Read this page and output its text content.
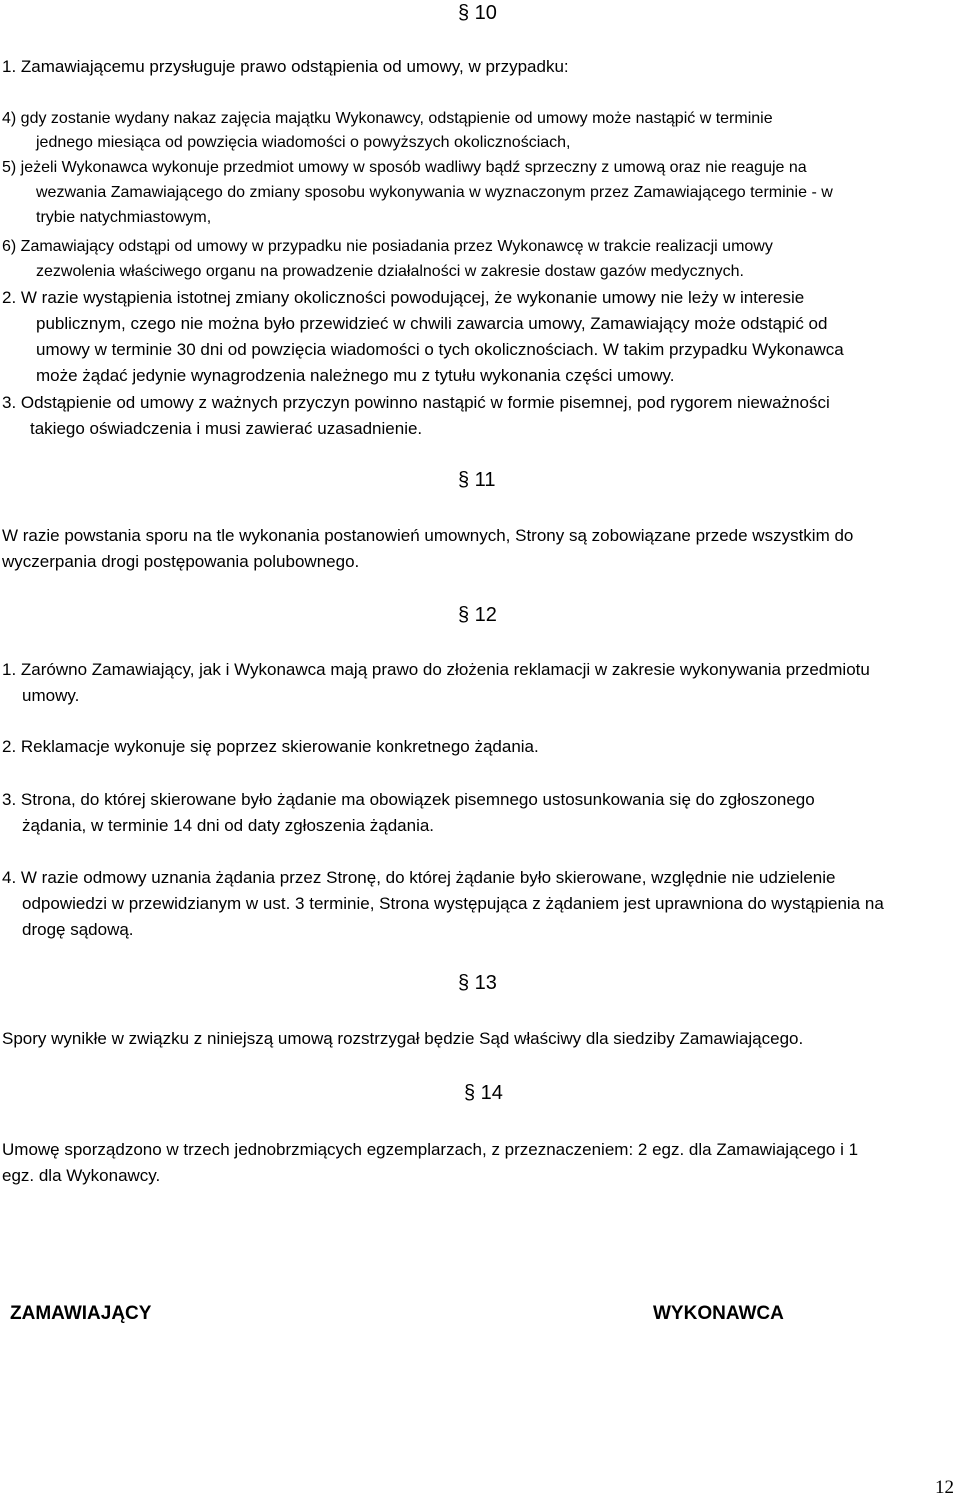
§ 10
1. Zamawiającemu przysługuje prawo odstąpienia od umowy, w przypadku:
4) gdy zostanie wydany nakaz zajęcia majątku Wykonawcy, odstąpienie od umowy może nastąpić w terminie
jednego miesiąca od powzięcia wiadomości o powyższych okolicznościach,
5) jeżeli Wykonawca wykonuje przedmiot umowy w sposób wadliwy bądź sprzeczny z umową oraz nie reaguje na
wezwania Zamawiającego do zmiany sposobu wykonywania w wyznaczonym przez Zamawiającego terminie - w
trybie natychmiastowym,
6) Zamawiający odstąpi od umowy w przypadku nie posiadania przez Wykonawcę w trakcie realizacji umowy
zezwolenia właściwego organu na prowadzenie działalności w zakresie dostaw gazów medycznych.
2. W razie wystąpienia istotnej zmiany okoliczności powodującej, że wykonanie umowy nie leży w interesie
publicznym, czego nie można było przewidzieć w chwili zawarcia umowy, Zamawiający może odstąpić od
umowy w terminie 30 dni od powzięcia wiadomości o tych okolicznościach. W takim przypadku Wykonawca
może żądać jedynie wynagrodzenia należnego mu z tytułu wykonania części umowy.
3. Odstąpienie od umowy z ważnych przyczyn powinno nastąpić w formie pisemnej, pod rygorem nieważności
takiego oświadczenia i musi zawierać uzasadnienie.
§ 11
W razie powstania sporu na tle wykonania postanowień umownych, Strony są zobowiązane przede wszystkim do
wyczerpania drogi postępowania polubownego.
§ 12
1. Zarówno Zamawiający, jak i Wykonawca mają prawo do złożenia reklamacji w zakresie wykonywania przedmiotu
umowy.
2. Reklamacje wykonuje się poprzez skierowanie konkretnego żądania.
3. Strona, do której skierowane było żądanie ma obowiązek pisemnego ustosunkowania się do zgłoszonego
żądania, w terminie 14 dni od daty zgłoszenia żądania.
4. W razie odmowy uznania żądania przez Stronę, do której żądanie było skierowane, względnie nie udzielenie
odpowiedzi w przewidzianym w ust. 3 terminie, Strona występująca z żądaniem jest uprawniona do wystąpienia na
drogę sądową.
§ 13
Spory wynikłe w związku z niniejszą umową rozstrzygał będzie Sąd właściwy dla siedziby Zamawiającego.
§ 14
Umowę sporządzono w trzech jednobrzmiących egzemplarzach, z przeznaczeniem: 2 egz. dla Zamawiającego i 1
egz. dla Wykonawcy.
ZAMAWIAJĄCY	WYKONAWCA
12
